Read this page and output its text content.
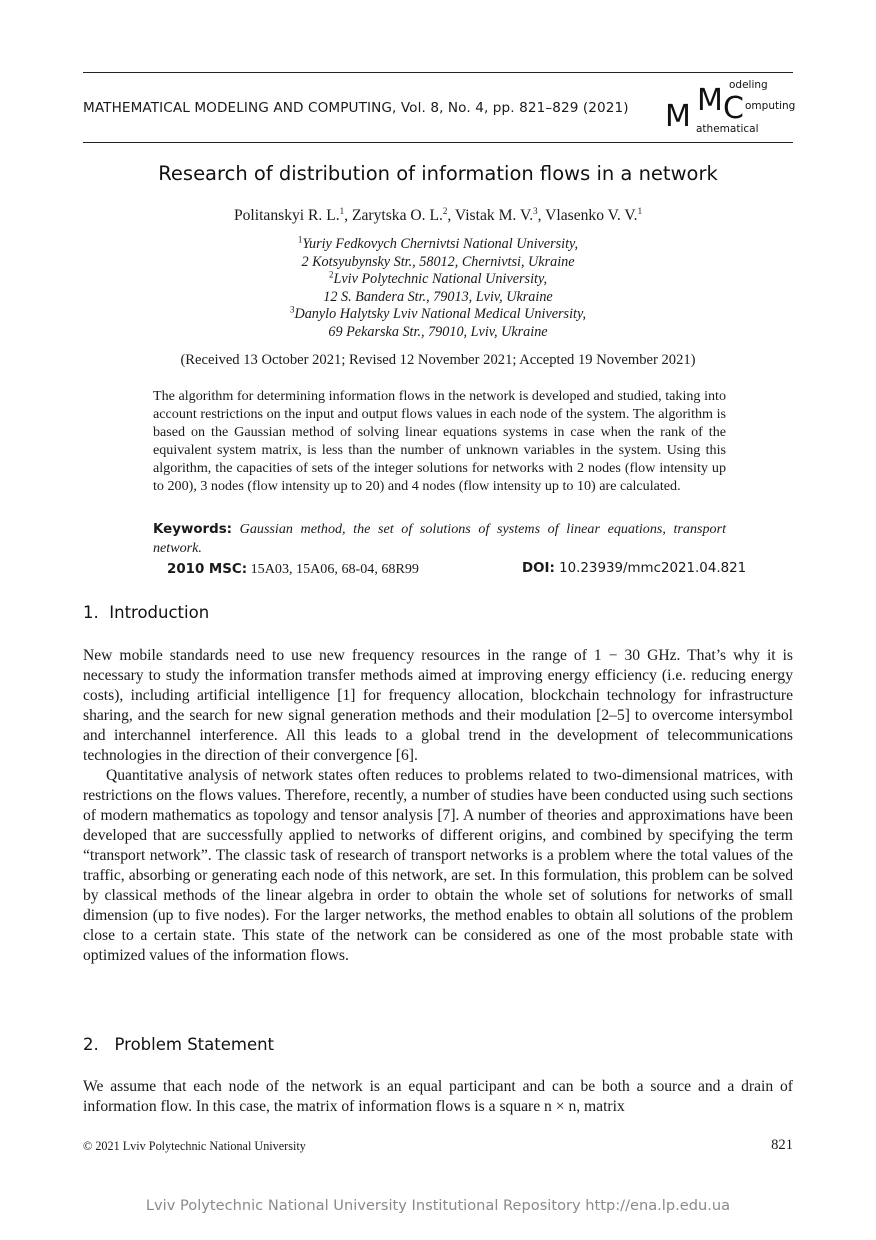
MATHEMATICAL MODELING AND COMPUTING, Vol. 8, No. 4, pp. 821–829 (2021) M M C
odeling
omputing
athematical
Research of distribution of information flows in a network
Politanskyi R. L.$^1$, Zarytska O. L.$^2$, Vistak M. V.$^3$, Vlasenko V. V.$^1$
$^1$Yuriy Fedkovych Chernivtsi National University,
2 Kotsyubynsky Str., 58012, Chernivtsi, Ukraine
$^2$Lviv Polytechnic National University,
12 S. Bandera Str., 79013, Lviv, Ukraine
$^3$Danylo Halytsky Lviv National Medical University,
69 Pekarska Str., 79010, Lviv, Ukraine
(Received 13 October 2021; Revised 12 November 2021; Accepted 19 November 2021)
The algorithm for determining information flows in the network is developed and studied, taking into account restrictions on the input and output flows values in each node of the system. The algorithm is based on the Gaussian method of solving linear equations systems in case when the rank of the equivalent system matrix, is less than the number of unknown variables in the system. Using this algorithm, the capacities of sets of the integer solutions for networks with 2 nodes (flow intensity up to 200), 3 nodes (flow intensity up to 20) and 4 nodes (flow intensity up to 10) are calculated.
Keywords: Gaussian method, the set of solutions of systems of linear equations, transport network.
2010 MSC: 15A03, 15A06, 68-04, 68R99	DOI: 10.23939/mmc2021.04.821
1. Introduction
New mobile standards need to use new frequency resources in the range of 1 − 30 GHz. That’s why it is necessary to study the information transfer methods aimed at improving energy efficiency (i.e. reducing energy costs), including artificial intelligence [1] for frequency allocation, blockchain technology for infrastructure sharing, and the search for new signal generation methods and their modulation [2–5] to overcome intersymbol and interchannel interference. All this leads to a global trend in the development of telecommunications technologies in the direction of their convergence [6].
Quantitative analysis of network states often reduces to problems related to two-dimensional matrices, with restrictions on the flows values. Therefore, recently, a number of studies have been conducted using such sections of modern mathematics as topology and tensor analysis [7]. A number of theories and approximations have been developed that are successfully applied to networks of different origins, and combined by specifying the term “transport network”. The classic task of research of transport networks is a problem where the total values of the traffic, absorbing or generating each node of this network, are set. In this formulation, this problem can be solved by classical methods of the linear algebra in order to obtain the whole set of solutions for networks of small dimension (up to five nodes). For the larger networks, the method enables to obtain all solutions of the problem close to a certain state. This state of the network can be considered as one of the most probable state with optimized values of the information flows.
2. Problem Statement
We assume that each node of the network is an equal participant and can be both a source and a drain of information flow. In this case, the matrix of information flows is a square n × n, matrix
© 2021 Lviv Polytechnic National University	821
Lviv Polytechnic National University Institutional Repository http://ena.lp.edu.ua
